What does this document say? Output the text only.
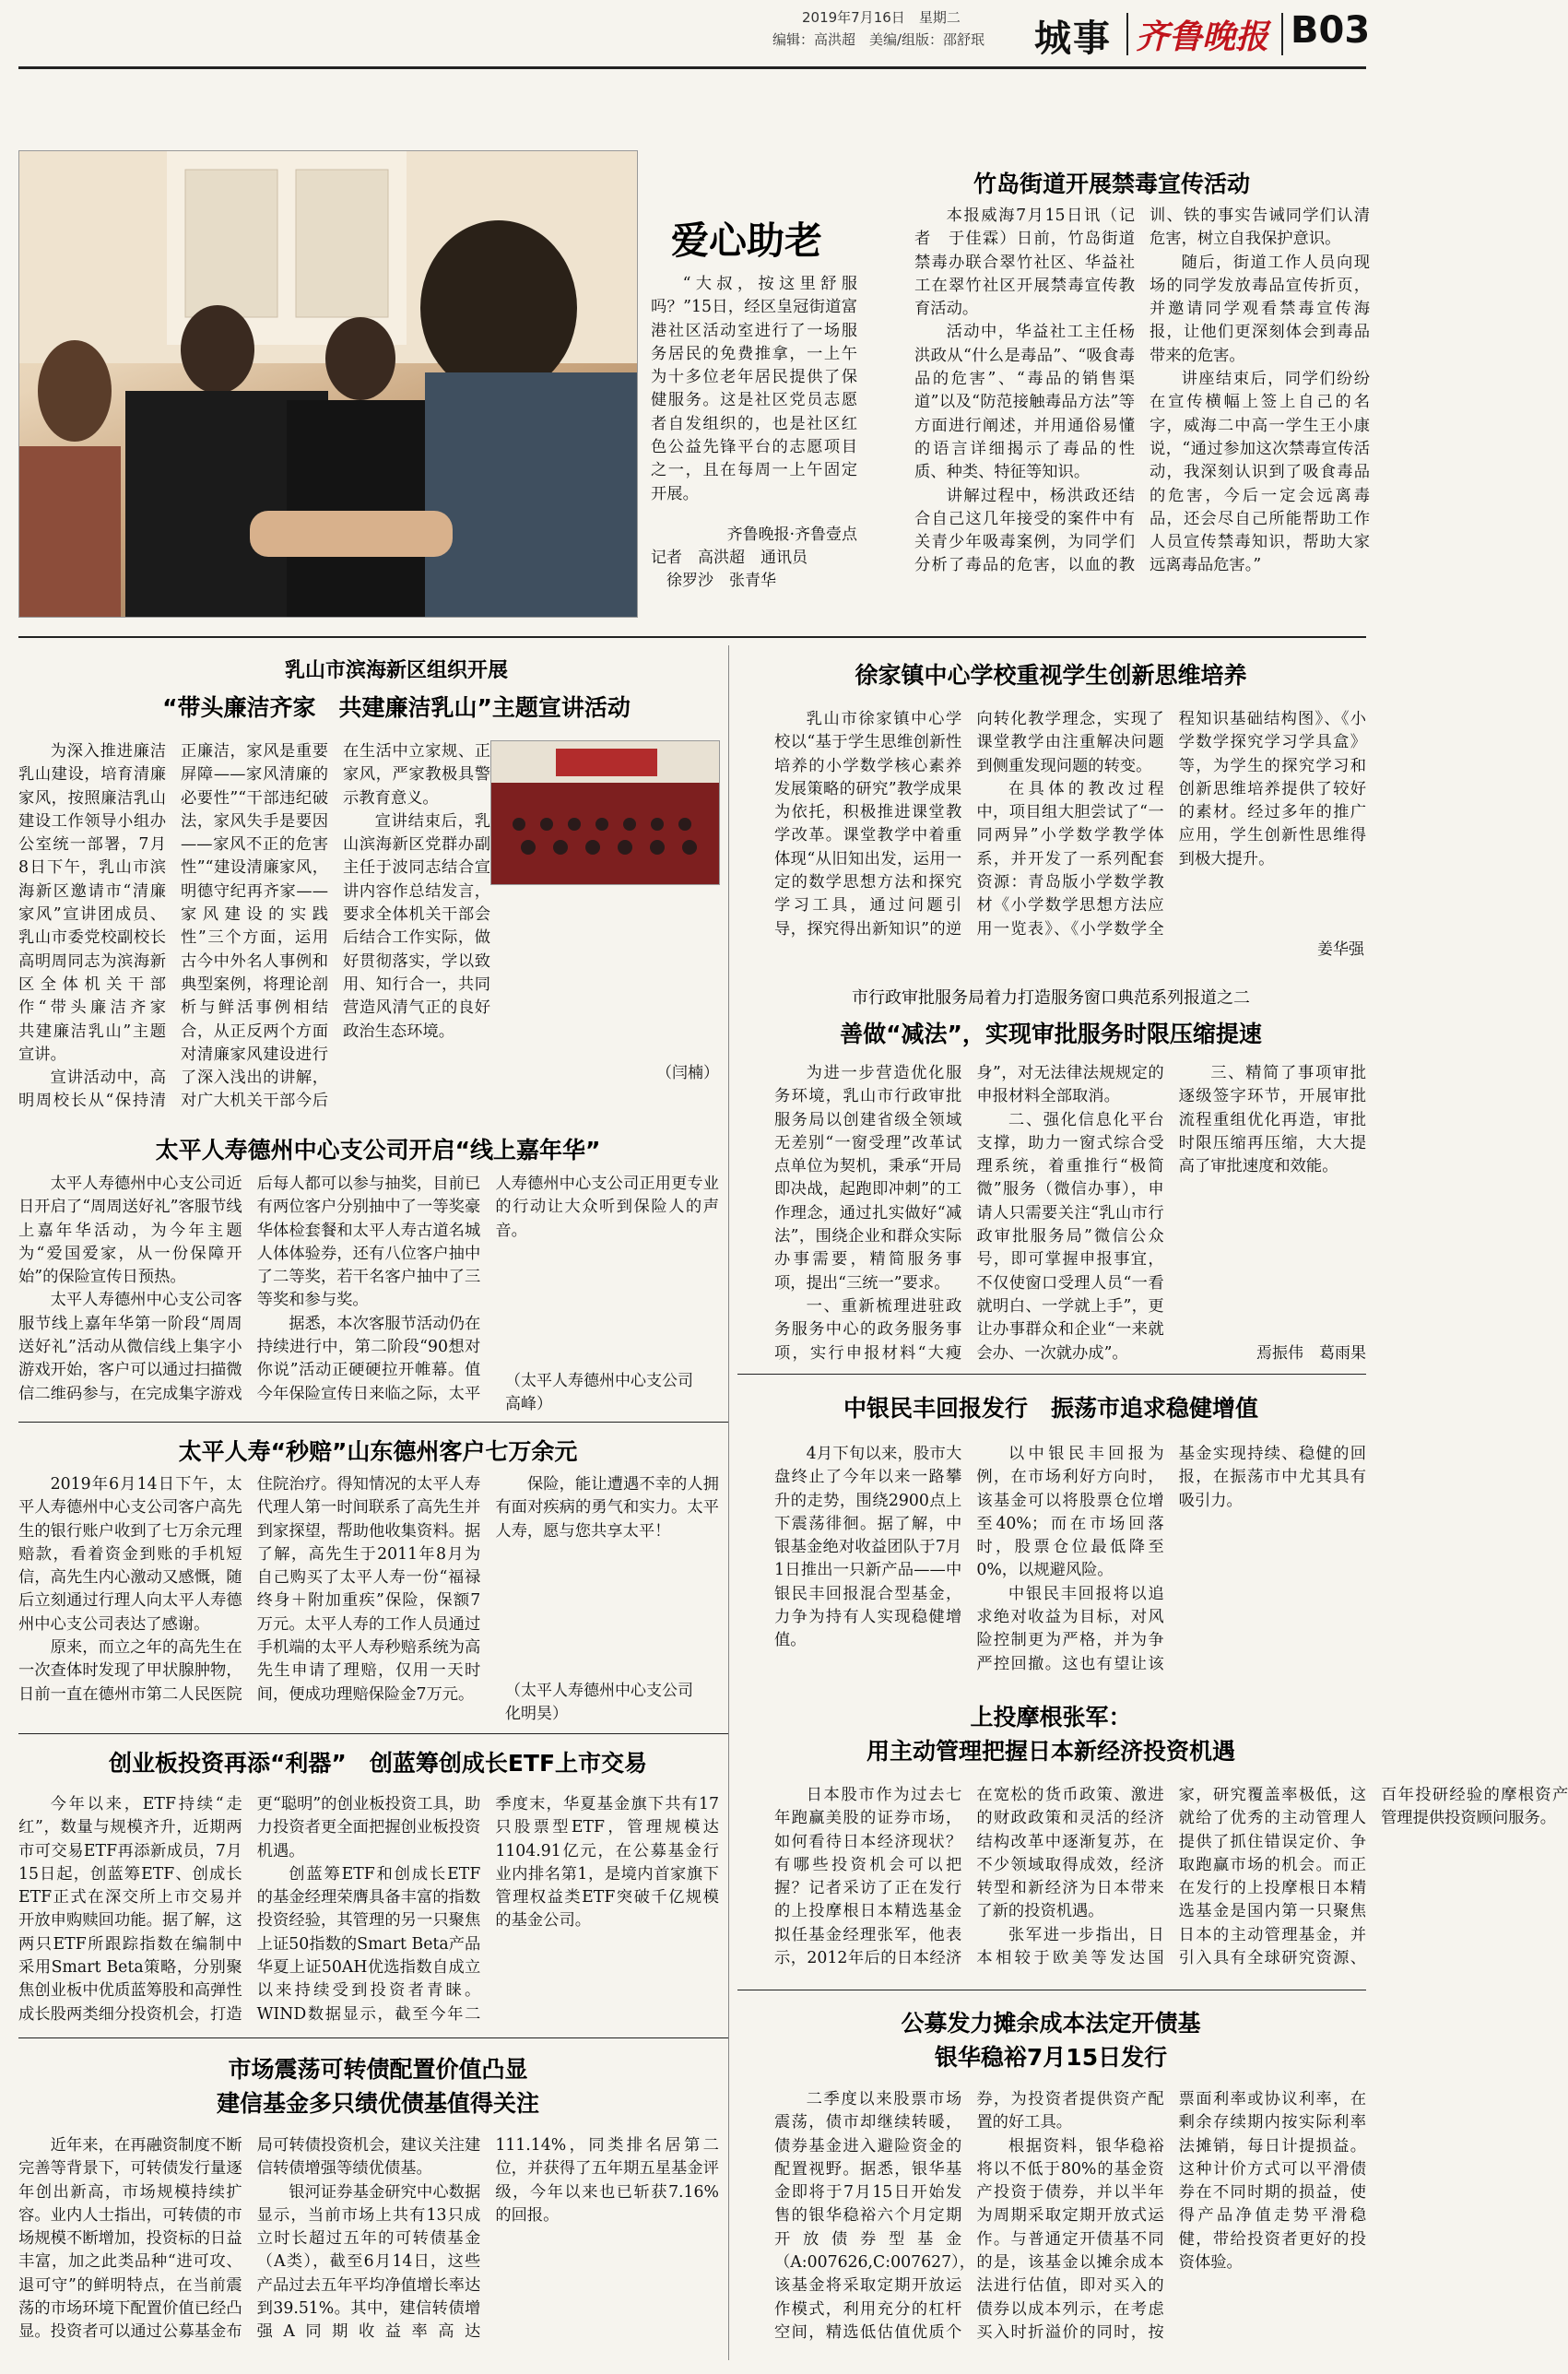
2019年7月16日　 星期二
编辑：高洪超　美编/组版：邵舒珉	城事 齐鲁晚报 B03
爱心助老

“大叔，按这里舒服吗？”15日，经区皇冠街道富港社区活动室进行了一场服务居民的免费推拿，一上午为十多位老年居民提供了保健服务。这是社区党员志愿者自发组织的，也是社区红色公益先锋平台的志愿项目之一，且在每周一上午固定开展。

齐鲁晚报·齐鲁壹点
记者　高洪超　通讯员
徐罗沙　张青华
竹岛街道开展禁毒宣传活动

本报威海7月15日讯（记者　于佳霖）日前，竹岛街道禁毒办联合翠竹社区、华益社工在翠竹社区开展禁毒宣传教育活动。

活动中，华益社工主任杨洪政从“什么是毒品”、“吸食毒品的危害”、“毒品的销售渠道”以及“防范接触毒品方法”等方面进行阐述，并用通俗易懂的语言详细揭示了毒品的性质、种类、特征等知识。

讲解过程中，杨洪政还结合自己这几年接受的案件中有关青少年吸毒案例，为同学们分析了毒品的危害，以血的教训、铁的事实告诫同学们认清危害，树立自我保护意识。

随后，街道工作人员向现场的同学发放毒品宣传折页，并邀请同学观看禁毒宣传海报，让他们更深刻体会到毒品带来的危害。

讲座结束后，同学们纷纷在宣传横幅上签上自己的名字，威海二中高一学生王小康说，“通过参加这次禁毒宣传活动，我深刻认识到了吸食毒品的危害，今后一定会远离毒品，还会尽自己所能帮助工作人员宣传禁毒知识，帮助大家远离毒品危害。”

乳山市滨海新区组织开展
“带头廉洁齐家　共建廉洁乳山”主题宣讲活动

为深入推进廉洁乳山建设，培育清廉家风，按照廉洁乳山建设工作领导小组办公室统一部署，7月8日下午，乳山市滨海新区邀请市“清廉家风”宣讲团成员、乳山市委党校副校长高明周同志为滨海新区全体机关干部作“带头廉洁齐家　共建廉洁乳山”主题宣讲。

宣讲活动中，高明周校长从“保持清正廉洁，家风是重要屏障——家风清廉的必要性”“干部违纪破法，家风失手是要因——家风不正的危害性”“建设清廉家风，明德守纪再齐家——家风建设的实践性”三个方面，运用古今中外名人事例和典型案例，将理论剖析与鲜活事例相结合，从正反两个方面对清廉家风建设进行了深入浅出的讲解，对广大机关干部今后在生活中立家规、正家风，严家教极具警示教育意义。

宣讲结束后，乳山滨海新区党群办副主任于波同志结合宣讲内容作总结发言，要求全体机关干部会后结合工作实际，做好贯彻落实，学以致用、知行合一，共同营造风清气正的良好政治生态环境。

（闫楠）
徐家镇中心学校重视学生创新思维培养

乳山市徐家镇中心学校以“基于学生思维创新性培养的小学数学核心素养发展策略的研究”教学成果为依托，积极推进课堂教学改革。课堂教学中着重体现“从旧知出发，运用一定的数学思想方法和探究学习工具，通过问题引导，探究得出新知识”的逆向转化教学理念，实现了课堂教学由注重解决问题到侧重发现问题的转变。

在具体的教改过程中，项目组大胆尝试了“一同两异”小学数学教学体系，并开发了一系列配套资源：青岛版小学数学教材《小学数学思想方法应用一览表》、《小学数学全程知识基础结构图》、《小学数学探究学习学具盒》等，为学生的探究学习和创新思维培养提供了较好的素材。经过多年的推广应用，学生创新性思维得到极大提升。

姜华强
市行政审批服务局着力打造服务窗口典范系列报道之二
善做“减法”，实现审批服务时限压缩提速

为进一步营造优化服务环境，乳山市行政审批服务局以创建省级全领域无差别“一窗受理”改革试点单位为契机，秉承“开局即决战，起跑即冲刺”的工作理念，通过扎实做好“减法”，围绕企业和群众实际办事需要，精简服务事项，提出“三统一”要求。

一、重新梳理进驻政务服务中心的政务服务事项，实行申报材料“大瘦身”，对无法律法规规定的申报材料全部取消。

二、强化信息化平台支撑，助力一窗式综合受理系统，着重推行“极简微”服务（微信办事），申请人只需要关注“乳山市行政审批服务局”微信公众号，即可掌握申报事宜，不仅使窗口受理人员“一看就明白、一学就上手”，更让办事群众和企业“一来就会办、一次就办成”。

三、精简了事项审批逐级签字环节，开展审批流程重组优化再造，审批时限压缩再压缩，大大提高了审批速度和效能。

焉振伟　葛雨果
太平人寿德州中心支公司开启“线上嘉年华”

太平人寿德州中心支公司近日开启了“周周送好礼”客服节线上嘉年华活动，为今年主题为“爱国爱家，从一份保障开始”的保险宣传日预热。

太平人寿德州中心支公司客服节线上嘉年华第一阶段“周周送好礼”活动从微信线上集字小游戏开始，客户可以通过扫描微信二维码参与，在完成集字游戏后每人都可以参与抽奖，目前已有两位客户分别抽中了一等奖豪华体检套餐和太平人寿古道名城人体体验券，还有八位客户抽中了二等奖，若干名客户抽中了三等奖和参与奖。

据悉，本次客服节活动仍在持续进行中，第二阶段“90想对你说”活动正硬硬拉开帷幕。值今年保险宣传日来临之际，太平人寿德州中心支公司正用更专业的行动让大众听到保险人的声音。

（太平人寿德州中心支公司　高峰）	中银民丰回报发行　振荡市追求稳健增值

4月下旬以来，股市大盘终止了今年以来一路攀升的走势，围绕2900点上下震荡徘徊。据了解，中银基金绝对收益团队于7月1日推出一只新产品——中银民丰回报混合型基金，力争为持有人实现稳健增值。

以中银民丰回报为例，在市场利好方向时，该基金可以将股票仓位增至40%；而在市场回落时，股票仓位最低降至0%，以规避风险。

中银民丰回报将以追求绝对收益为目标，对风险控制更为严格，并为争严控回撤。这也有望让该基金实现持续、稳健的回报，在振荡市中尤其具有吸引力。

太平人寿“秒赔”山东德州客户七万余元

2019年6月14日下午，太平人寿德州中心支公司客户高先生的银行账户收到了七万余元理赔款，看着资金到账的手机短信，高先生内心激动又感慨，随后立刻通过行理人向太平人寿德州中心支公司表达了感谢。

原来，而立之年的高先生在一次查体时发现了甲状腺肿物，日前一直在德州市第二人民医院住院治疗。得知情况的太平人寿代理人第一时间联系了高先生并到家探望，帮助他收集资料。据了解，高先生于2011年8月为自己购买了太平人寿一份“福禄终身＋附加重疾”保险，保额7万元。太平人寿的工作人员通过手机端的太平人寿秒赔系统为高先生申请了理赔，仅用一天时间，便成功理赔保险金7万元。

保险，能让遭遇不幸的人拥有面对疾病的勇气和实力。太平人寿，愿与您共享太平！

（太平人寿德州中心支公司　化明昊）	上投摩根张军：
用主动管理把握日本新经济投资机遇

日本股市作为过去七年跑赢美股的证券市场，如何看待日本经济现状？有哪些投资机会可以把握？记者采访了正在发行的上投摩根日本精选基金拟任基金经理张军，他表示，2012年后的日本经济在宽松的货币政策、激进的财政政策和灵活的经济结构改革中逐渐复苏，在不少领域取得成效，经济转型和新经济为日本带来了新的投资机遇。

张军进一步指出，日本相较于欧美等发达国家，研究覆盖率极低，这就给了优秀的主动管理人提供了抓住错误定价、争取跑赢市场的机会。而正在发行的上投摩根日本精选基金是国内第一只聚焦日本的主动管理基金，并引入具有全球研究资源、百年投研经验的摩根资产管理提供投资顾问服务。

创业板投资再添“利器”　创蓝筹创成长ETF上市交易

今年以来，ETF持续“走红”，数量与规模齐升，近期两市可交易ETF再添新成员，7月15日起，创蓝筹ETF、创成长ETF正式在深交所上市交易并开放申购赎回功能。据了解，这两只ETF所跟踪指数在编制中采用Smart Beta策略，分别聚焦创业板中优质蓝筹股和高弹性成长股两类细分投资机会，打造更“聪明”的创业板投资工具，助力投资者更全面把握创业板投资机遇。

创蓝筹ETF和创成长ETF的基金经理荣膺具备丰富的指数投资经验，其管理的另一只聚焦上证50指数的Smart Beta产品华夏上证50AH优选指数自成立以来持续受到投资者青睐。WIND数据显示，截至今年二季度末，华夏基金旗下共有17只股票型ETF，管理规模达1104.91亿元，在公募基金行业内排名第1，是境内首家旗下管理权益类ETF突破千亿规模的基金公司。

公募发力摊余成本法定开债基
银华稳裕7月15日发行

二季度以来股票市场震荡，债市却继续转暖，债券基金进入避险资金的配置视野。据悉，银华基金即将于7月15日开始发售的银华稳裕六个月定期开放债券型基金（A:007626,C:007627），该基金将采取定期开放运作模式，利用充分的杠杆空间，精选低估值优质个券，为投资者提供资产配置的好工具。

根据资料，银华稳裕将以不低于80%的基金资产投资于债券，并以半年为周期采取定期开放式运作。与普通定开债基不同的是，该基金以摊余成本法进行估值，即对买入的债券以成本列示，在考虑买入时折溢价的同时，按票面利率或协议利率，在剩余存续期内按实际利率法摊销，每日计提损益。这种计价方式可以平滑债券在不同时期的损益，使得产品净值走势平滑稳健，带给投资者更好的投资体验。

市场震荡可转债配置价值凸显
建信基金多只绩优债基值得关注

近年来，在再融资制度不断完善等背景下，可转债发行量逐年创出新高，市场规模持续扩容。业内人士指出，可转债的市场规模不断增加，投资标的日益丰富，加之此类品种“进可攻、退可守”的鲜明特点，在当前震荡的市场环境下配置价值已经凸显。投资者可以通过公募基金布局可转债投资机会，建议关注建信转债增强等绩优债基。

银河证券基金研究中心数据显示，当前市场上共有13只成立时长超过五年的可转债基金（A类），截至6月14日，这些产品过去五年平均净值增长率达到39.51%。其中，建信转债增强A同期收益率高达111.14%，同类排名居第二位，并获得了五年期五星基金评级，今年以来也已斩获7.16%的回报。
